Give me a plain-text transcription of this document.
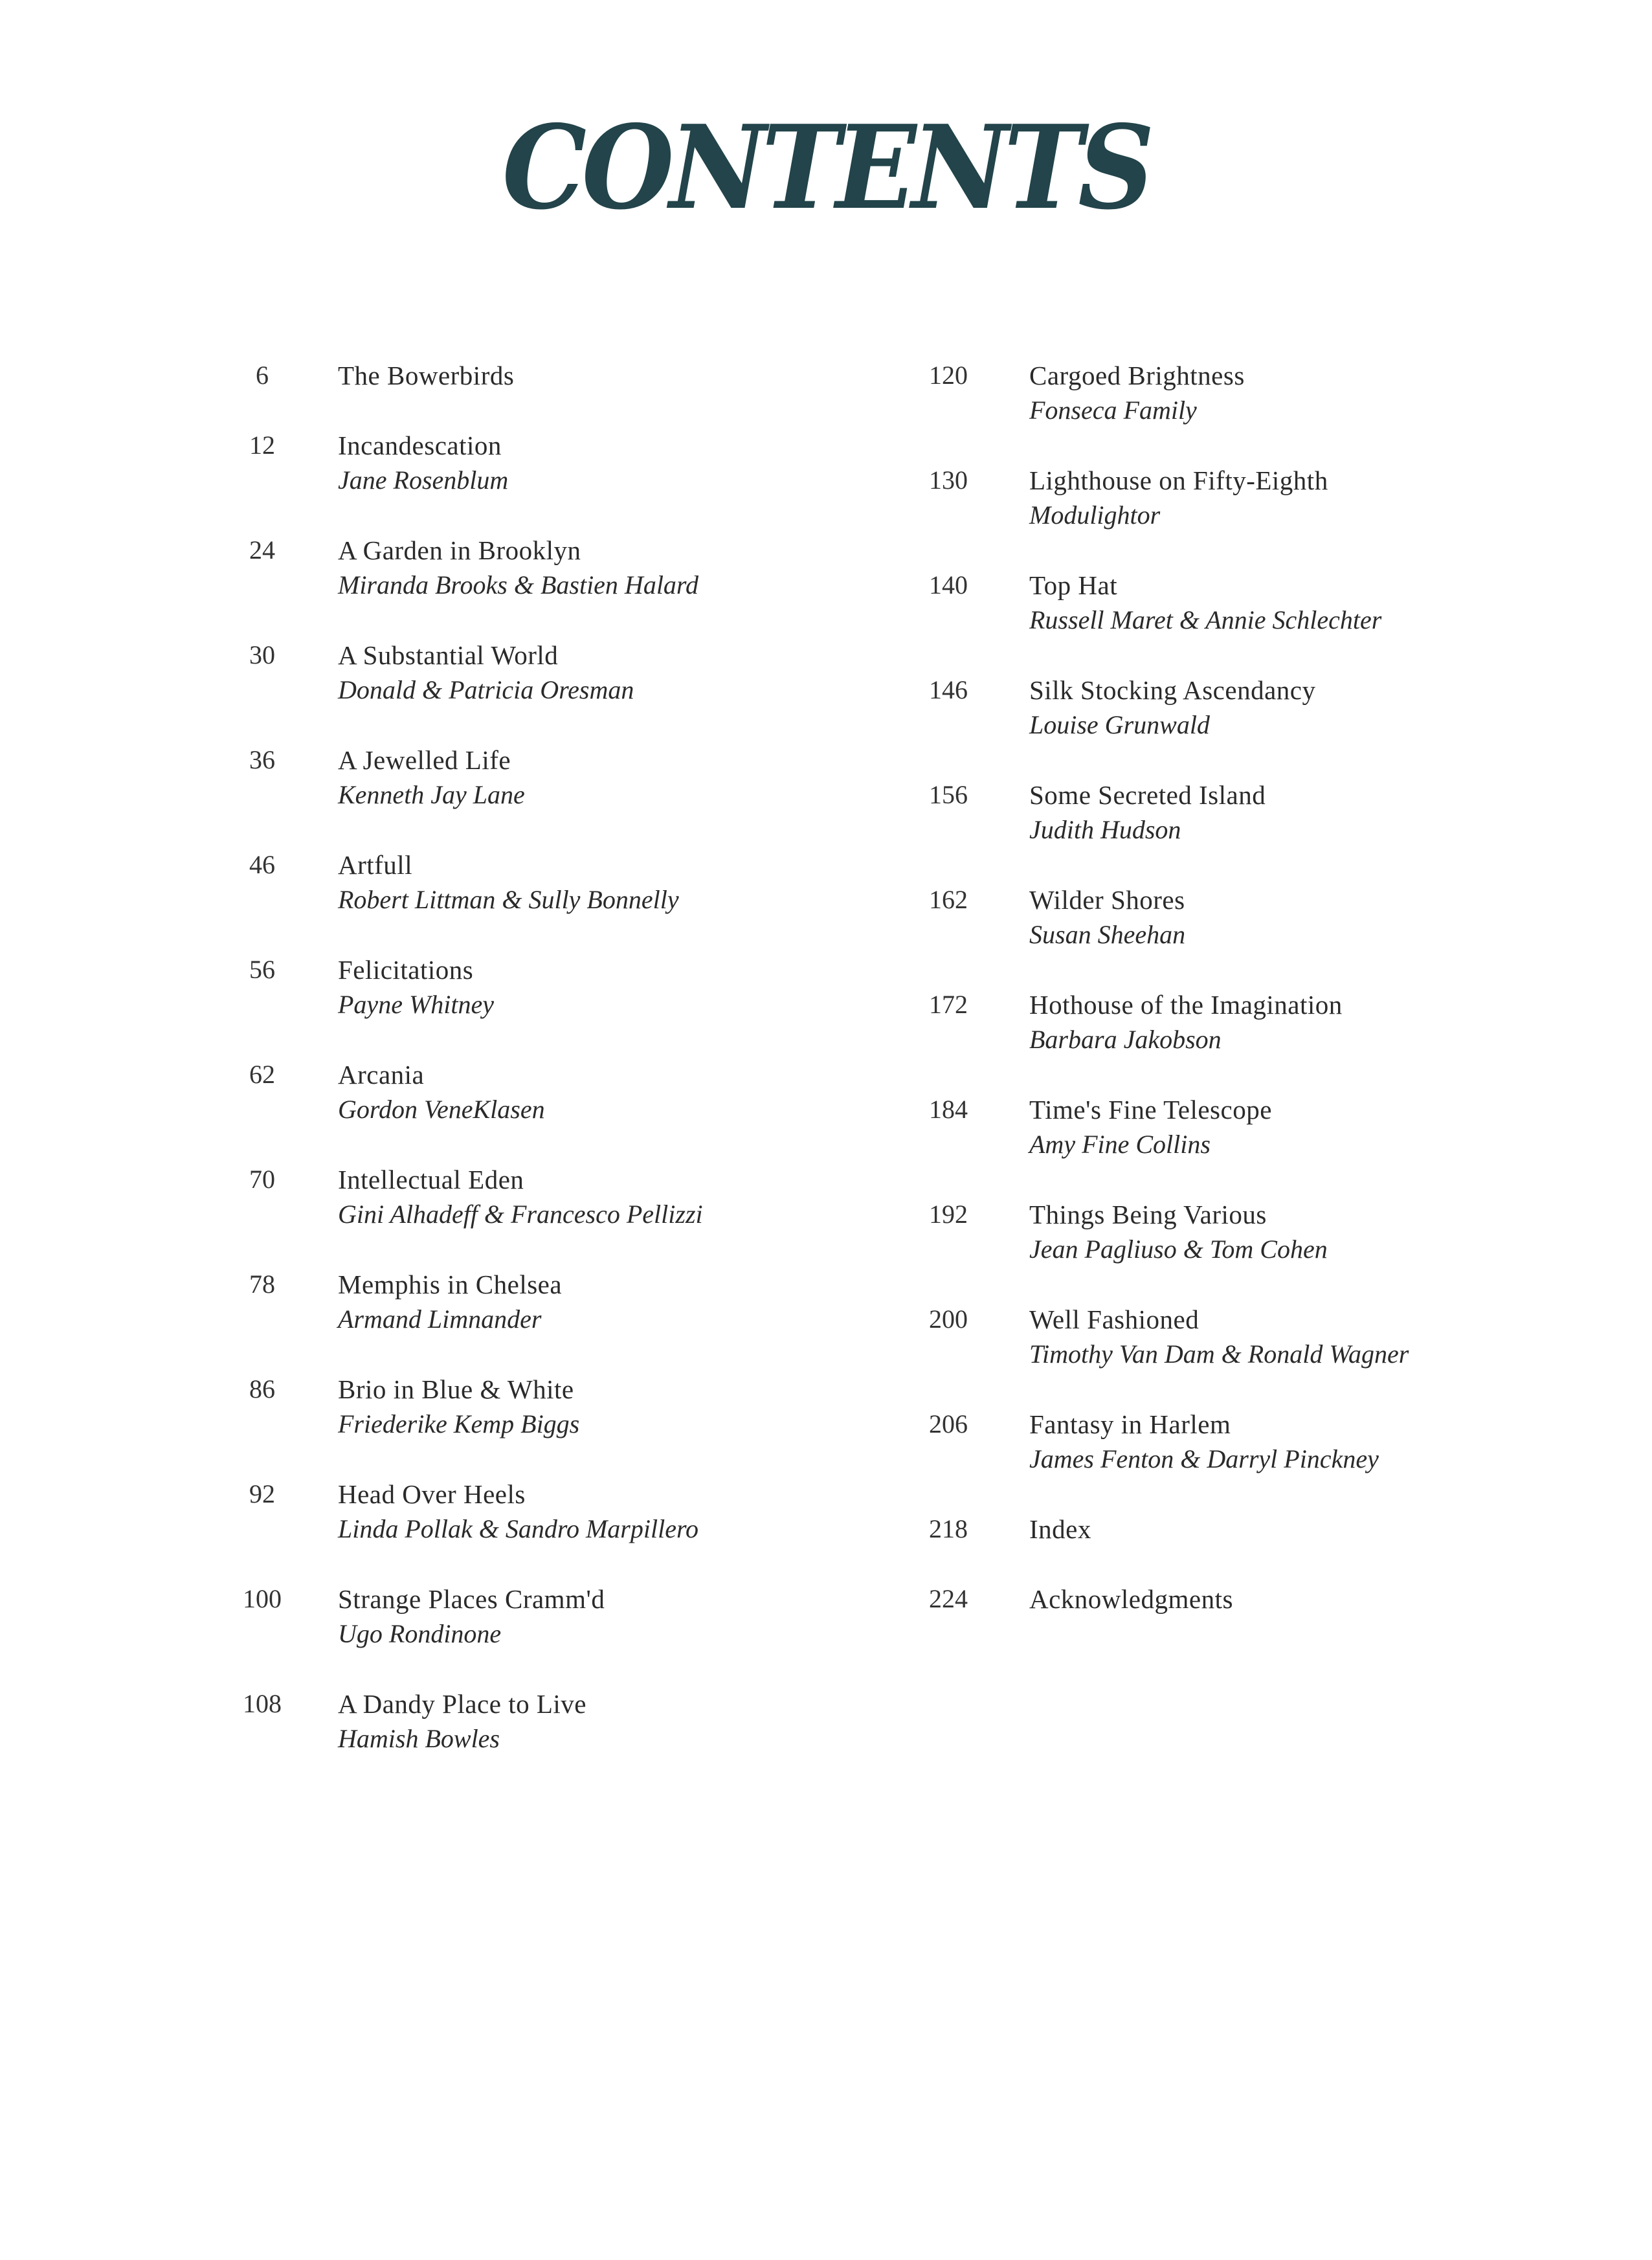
CONTENTS
6	The Bowerbirds
12	Incandescation
Jane Rosenblum
24	A Garden in Brooklyn
Miranda Brooks & Bastien Halard
30	A Substantial World
Donald & Patricia Oresman
36	A Jewelled Life
Kenneth Jay Lane
46	Artfull
Robert Littman & Sully Bonnelly
56	Felicitations
Payne Whitney
62	Arcania
Gordon VeneKlasen
70	Intellectual Eden
Gini Alhadeff & Francesco Pellizzi
78	Memphis in Chelsea
Armand Limnander
86	Brio in Blue & White
Friederike Kemp Biggs
92	Head Over Heels
Linda Pollak & Sandro Marpillero
100	Strange Places Cramm'd
Ugo Rondinone
108	A Dandy Place to Live
Hamish Bowles
120	Cargoed Brightness
Fonseca Family
130	Lighthouse on Fifty-Eighth
Modulightor
140	Top Hat
Russell Maret & Annie Schlechter
146	Silk Stocking Ascendancy
Louise Grunwald
156	Some Secreted Island
Judith Hudson
162	Wilder Shores
Susan Sheehan
172	Hothouse of the Imagination
Barbara Jakobson
184	Time's Fine Telescope
Amy Fine Collins
192	Things Being Various
Jean Pagliuso & Tom Cohen
200	Well Fashioned
Timothy Van Dam & Ronald Wagner
206	Fantasy in Harlem
James Fenton & Darryl Pinckney
218	Index
224	Acknowledgments
